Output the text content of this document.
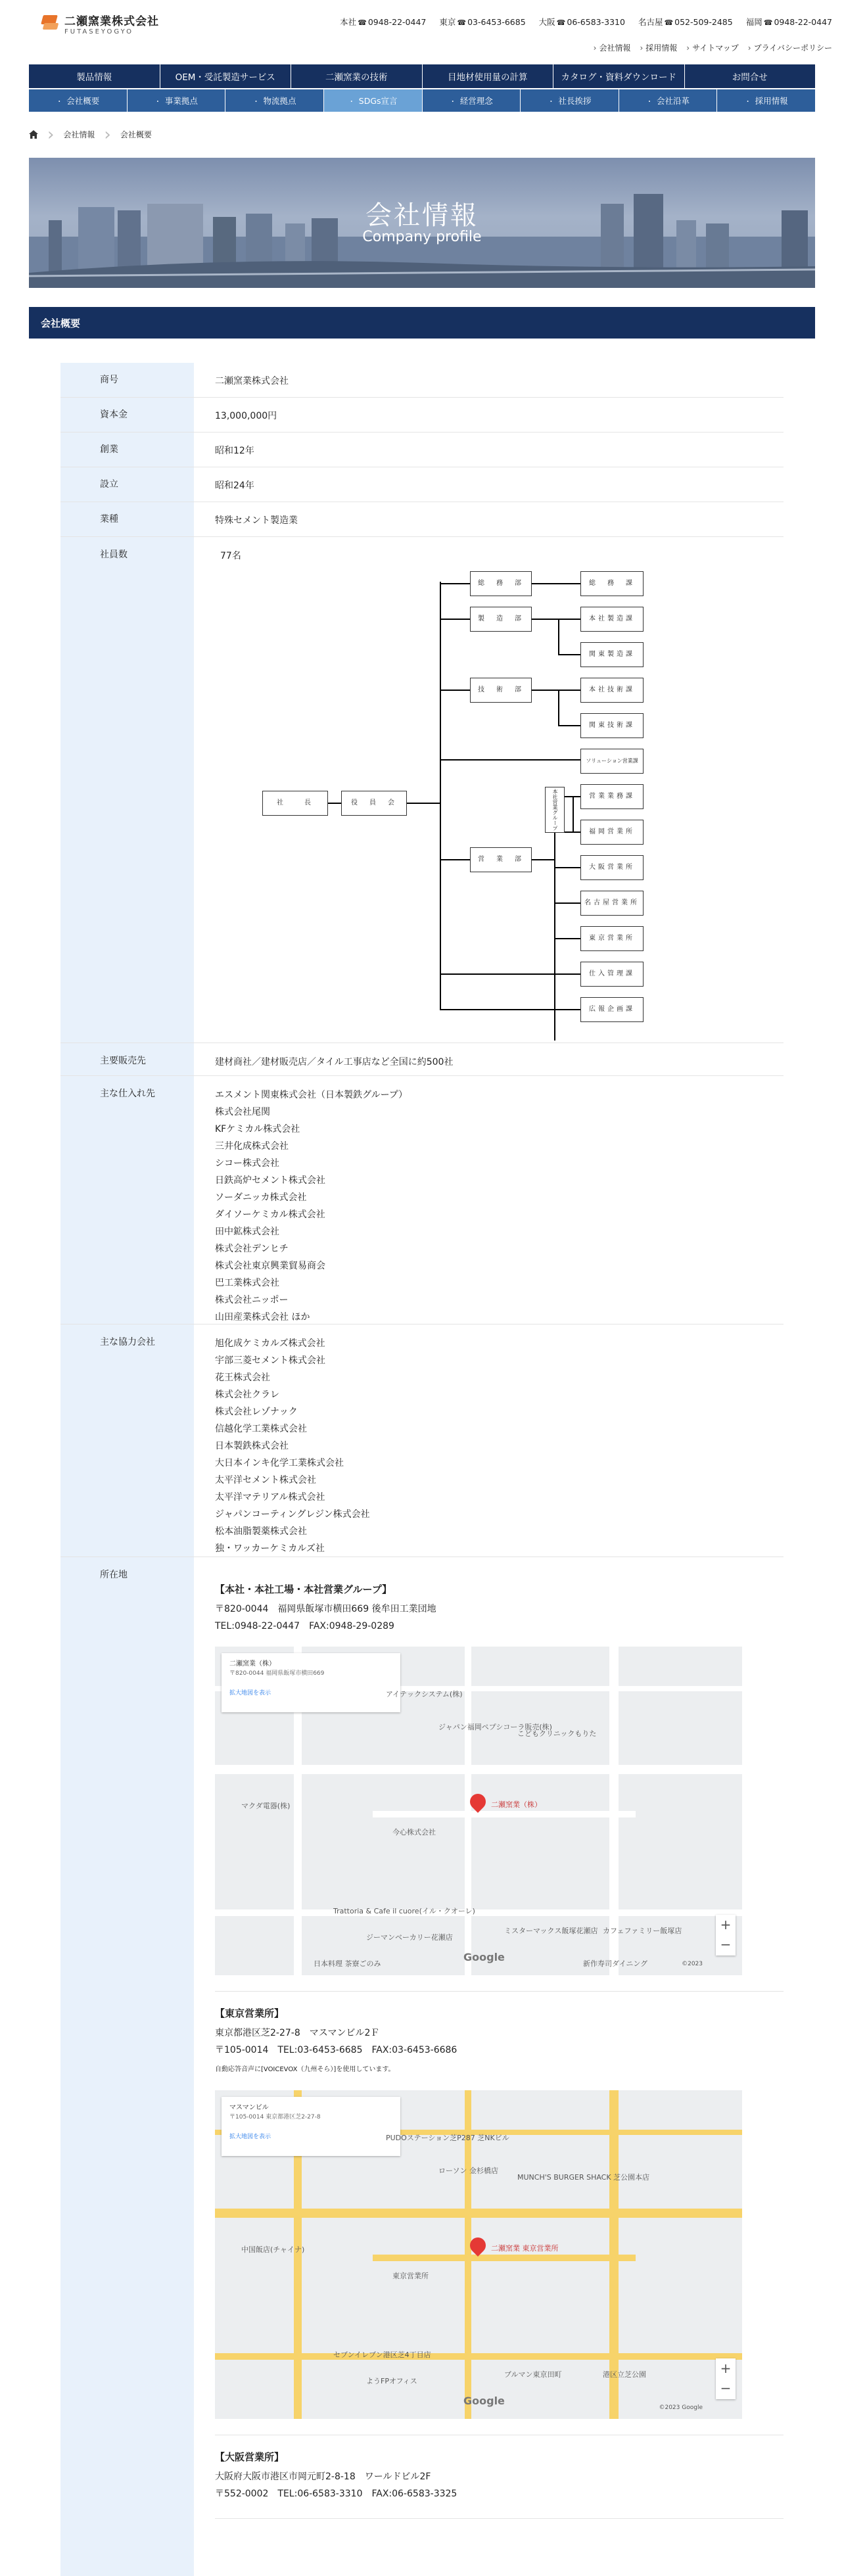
二瀬窯業株式会社
FUTASEYOGYO
本社 ☎ 0948-22-0447 東京 ☎ 03-6453-6685 大阪 ☎ 06-6583-3310 名古屋 ☎ 052-509-2485 福岡 ☎ 0948-22-0447
› 会社情報	› 採用情報	› サイトマップ	› プライバシーポリシー
製品情報	OEM・受託製造サービス	二瀬窯業の技術	目地材使用量の計算	カタログ・資料ダウンロード	お問合せ
・ 会社概要	・ 事業拠点	・ 物流拠点	・ SDGs宣言	・ 経営理念	・ 社長挨拶	・ 会社沿革	・ 採用情報
› 会社情報 › 会社概要
会社情報
Company profile
会社概要
商号	二瀬窯業株式会社
資本金	13,000,000円
創業	昭和12年
設立	昭和24年
業種	特殊セメント製造業
社員数	77名
社　　長	役　員　会
総　務　部
製　造　部
技　術　部
営　業　部
総　務　課
本社製造課
関東製造課
本社技術課
関東技術課
ソリューション営業課
営業業務課
福岡営業所
大阪営業所
名古屋営業所
東京営業所
仕入管理課
広報企画課
本社営業グループ
主要販売先	建材商社／建材販売店／タイル工事店など全国に約500社
主な仕入れ先	エスメント関東株式会社（日本製鉄グループ）
株式会社尾関
KFケミカル株式会社
三井化成株式会社
シコー株式会社
日鉄高炉セメント株式会社
ソーダニッカ株式会社
ダイソーケミカル株式会社
田中鉱株式会社
株式会社デンヒチ
株式会社東京興業貿易商会
巴工業株式会社
株式会社ニッポー
山田産業株式会社 ほか
主な協力会社	旭化成ケミカルズ株式会社
宇部三菱セメント株式会社
花王株式会社
株式会社クラレ
株式会社レゾナック
信越化学工業株式会社
日本製鉄株式会社
大日本インキ化学工業株式会社
太平洋セメント株式会社
太平洋マテリアル株式会社
ジャパンコーティングレジン株式会社
松本油脂製薬株式会社
独・ワッカーケミカルズ社
所在地
【本社・本社工場・本社営業グループ】
〒820-0044　福岡県飯塚市横田669 後牟田工業団地
TEL:0948-22-0447　FAX:0948-29-0289
二瀬窯業（株）
〒820-0044 福岡県飯塚市横田669
拡大地図を表示
二瀬窯業（株）
アイテックシステム(株)
ジャパン福岡ペプシコーラ販売(株)
こどもクリニックもりた
今心株式会社
マクダ電器(株)
Trattoria & Cafe il cuore(イル・クオーレ)
ジーマンベーカリー花瀬店
ミスターマックス飯塚花瀬店 カフェファミリー飯塚店
日本料理 茶寮ごのみ	新作寿司ダイニング
+
−
Google
©2023
【東京営業所】
東京都港区芝2-27-8　マスマンビル2Ｆ
〒105-0014　TEL:03-6453-6685　FAX:03-6453-6686
自動応答音声に[VOICEVOX（九州そら）]を使用しています。
マスマンビル
〒105-0014 東京都港区芝2-27-8
拡大地図を表示
二瀬窯業 東京営業所
PUDOステーション芝P287 芝NKビル
ローソン 金杉橋店
MUNCH'S BURGER SHACK 芝公園本店
東京営業所
中国飯店(チャイナ)
セブンイレブン港区芝4丁目店
ようFPオフィス
ブルマン東京田町	港区立芝公園	+
−
Google
©2023 Google
【大阪営業所】
大阪府大阪市港区市岡元町2-8-18　ワールドビル2F
〒552-0002　TEL:06-6583-3310　FAX:06-6583-3325
